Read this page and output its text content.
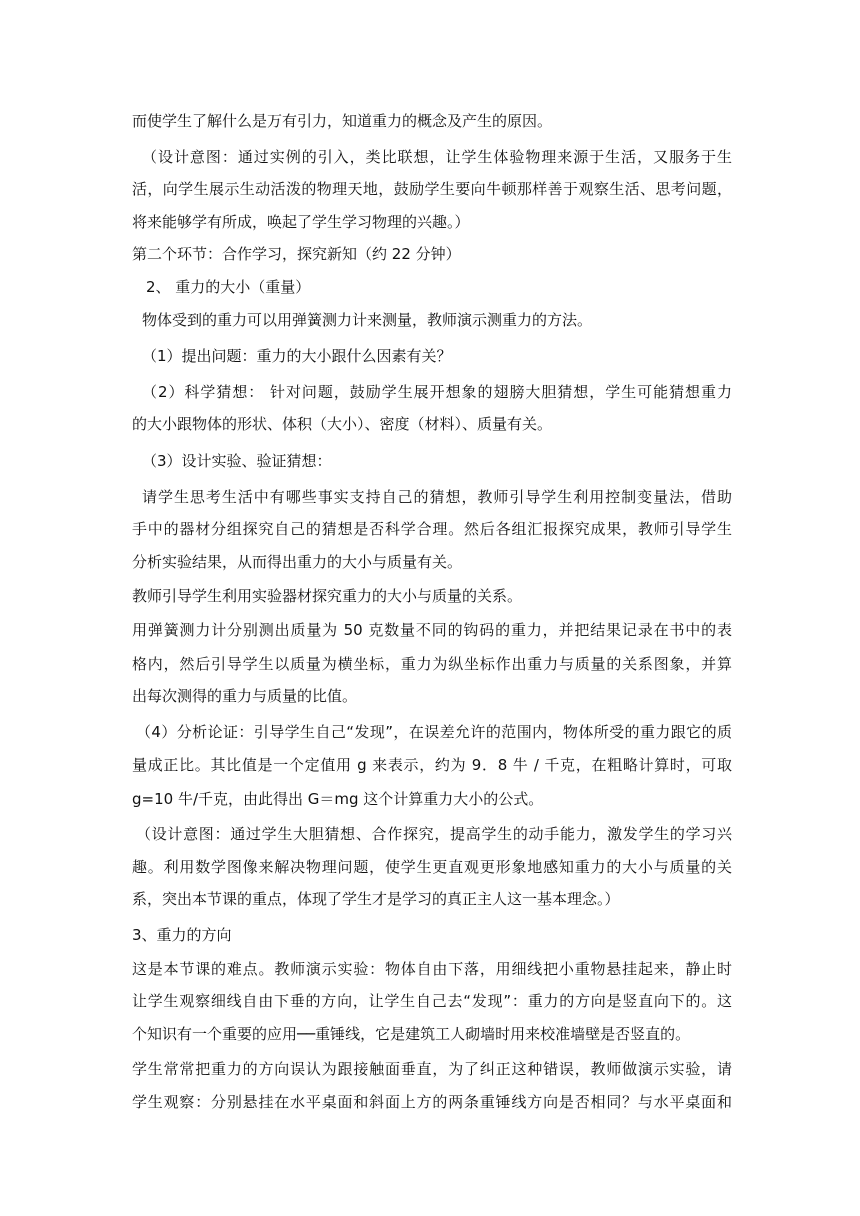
而使学生了解什么是万有引力，知道重力的概念及产生的原因。
（设计意图：通过实例的引入，类比联想，让学生体验物理来源于生活，又服务于生
活，向学生展示生动活泼的物理天地，鼓励学生要向牛顿那样善于观察生活、思考问题，
将来能够学有所成，唤起了学生学习物理的兴趣。）
第二个环节：合作学习，探究新知（约 22 分钟）
2、 重力的大小（重量）
物体受到的重力可以用弹簧测力计来测量，教师演示测重力的方法。
（1）提出问题：重力的大小跟什么因素有关？
（2）科学猜想： 针对问题，鼓励学生展开想象的翅膀大胆猜想，学生可能猜想重力
的大小跟物体的形状、体积（大小）、密度（材料）、质量有关。
（3）设计实验、验证猜想：
请学生思考生活中有哪些事实支持自己的猜想，教师引导学生利用控制变量法，借助
手中的器材分组探究自己的猜想是否科学合理。然后各组汇报探究成果，教师引导学生
分析实验结果，从而得出重力的大小与质量有关。
教师引导学生利用实验器材探究重力的大小与质量的关系。
用弹簧测力计分别测出质量为 50 克数量不同的钩码的重力，并把结果记录在书中的表
格内，然后引导学生以质量为横坐标，重力为纵坐标作出重力与质量的关系图象，并算
出每次测得的重力与质量的比值。
（4）分析论证：引导学生自己“发现”，在误差允许的范围内，物体所受的重力跟它的质
量成正比。其比值是一个定值用 g 来表示，约为 9．8 牛 / 千克，在粗略计算时，可取
g=10 牛/千克，由此得出 G＝mg 这个计算重力大小的公式。
（设计意图：通过学生大胆猜想、合作探究，提高学生的动手能力，激发学生的学习兴
趣。利用数学图像来解决物理问题，使学生更直观更形象地感知重力的大小与质量的关
系，突出本节课的重点，体现了学生才是学习的真正主人这一基本理念。）
3、重力的方向
这是本节课的难点。教师演示实验：物体自由下落，用细线把小重物悬挂起来，静止时
让学生观察细线自由下垂的方向，让学生自己去“发现”：重力的方向是竖直向下的。这
个知识有一个重要的应用──重锤线，它是建筑工人砌墙时用来校准墙壁是否竖直的。
学生常常把重力的方向误认为跟接触面垂直，为了纠正这种错误，教师做演示实验，请
学生观察：分别悬挂在水平桌面和斜面上方的两条重锤线方向是否相同？与水平桌面和
